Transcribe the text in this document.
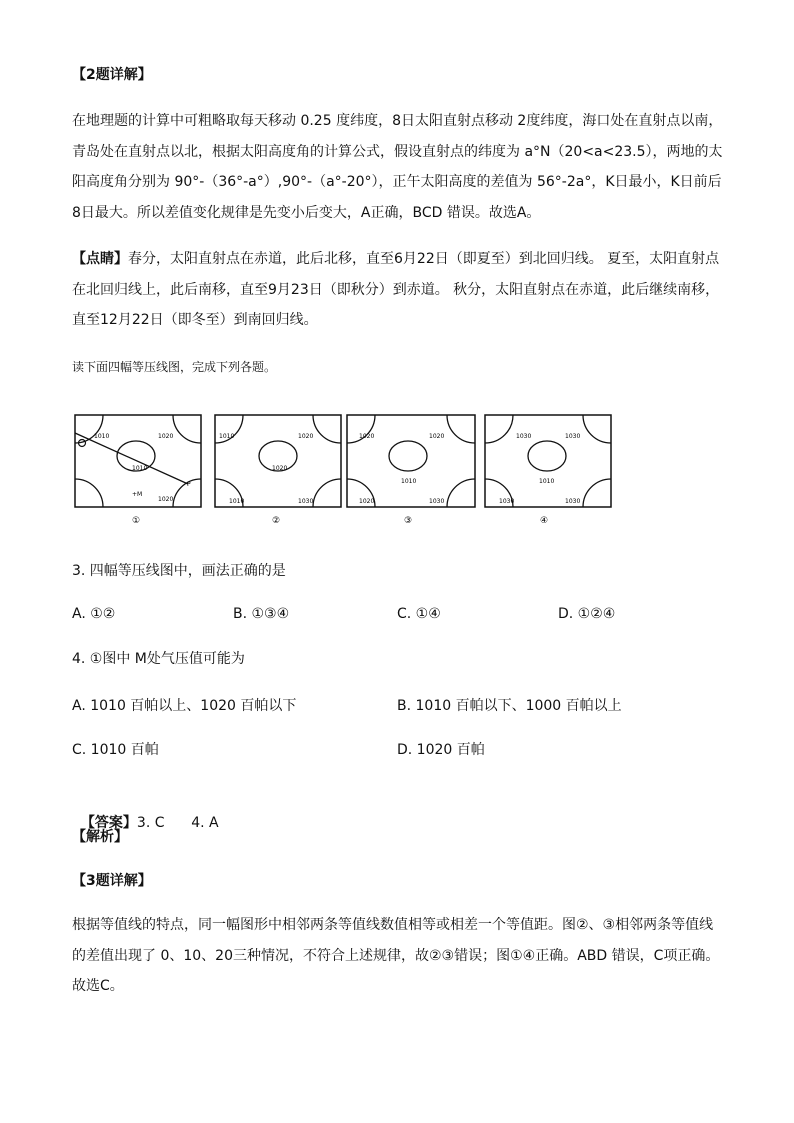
【2题详解】
在地理题的计算中可粗略取每天移动 0.25 度纬度，8日太阳直射点移动 2度纬度，海口处在直射点以南，青岛处在直射点以北，根据太阳高度角的计算公式，假设直射点的纬度为 a°N（20<a<23.5），两地的太阳高度角分别为 90°-（36°-a°）,90°-（a°-20°），正午太阳高度的差值为 56°-2a°，K日最小，K日前后 8日最大。所以差值变化规律是先变小后变大，A正确，BCD 错误。故选A。
【点睛】春分，太阳直射点在赤道，此后北移，直至6月22日（即夏至）到北回归线。 夏至，太阳直射点在北回归线上，此后南移，直至9月23日（即秋分）到赤道。 秋分，太阳直射点在赤道，此后继续南移，直至12月22日（即冬至）到南回归线。
读下面四幅等压线图，完成下列各题。
1010	1020
1010
1020
+M
P
①
1010	1020
1020
1010	1030
②
1020	1020
1010
1020	1030
③
1030	1030
1010
1030	1030
④
3. 四幅等压线图中，画法正确的是
A. ①②	B. ①③④	C. ①④	D. ①②④
4. ①图中 M处气压值可能为
A. 1010 百帕以上、1020 百帕以下	B. 1010 百帕以下、1000 百帕以上
C. 1010 百帕	D. 1020 百帕

【答案】3. C      4. A

【解析】
【3题详解】
根据等值线的特点，同一幅图形中相邻两条等值线数值相等或相差一个等值距。图②、③相邻两条等值线的差值出现了 0、10、20三种情况，不符合上述规律，故②③错误；图①④正确。ABD 错误，C项正确。故选C。
